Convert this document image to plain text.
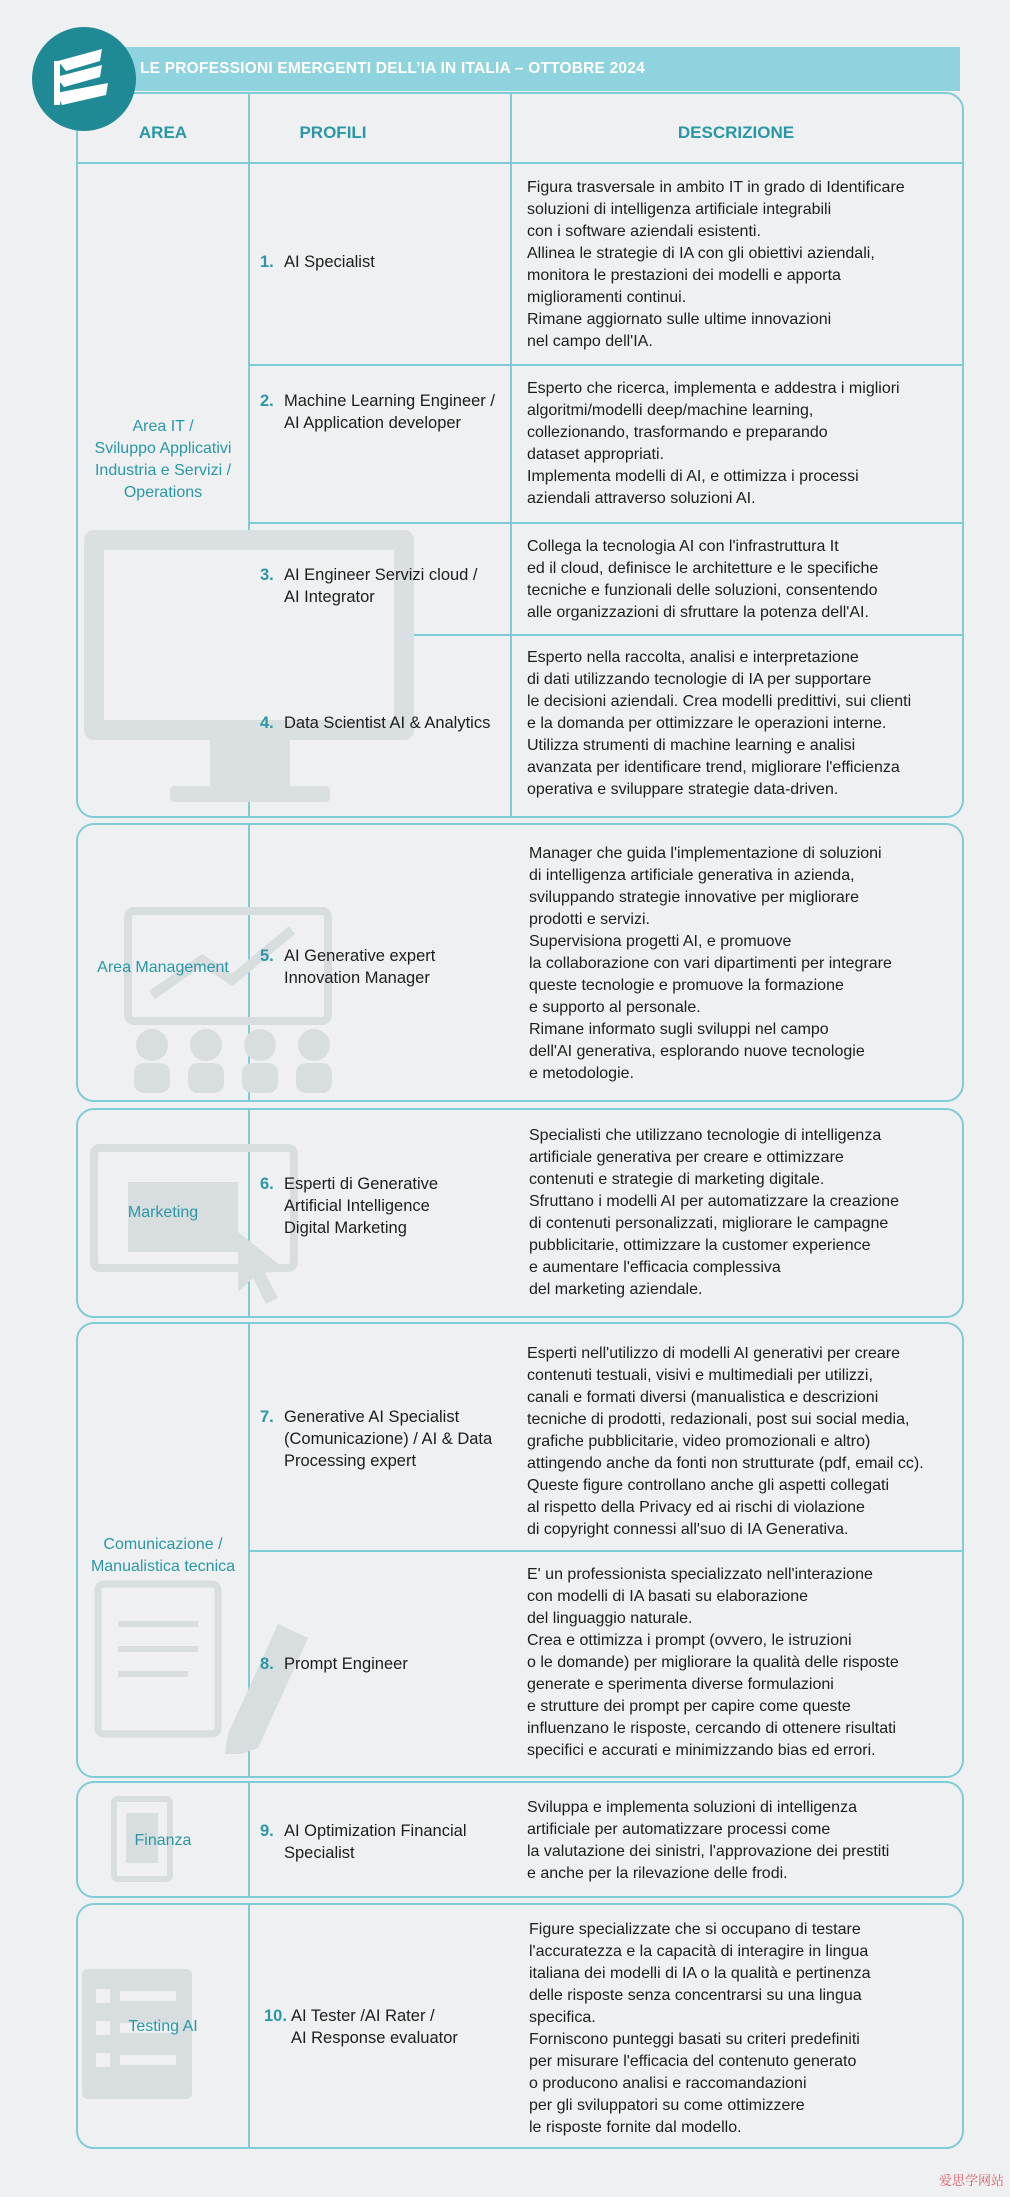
LE PROFESSIONI EMERGENTI DELL’IA IN ITALIA – OTTOBRE 2024
AREA	PROFILI	DESCRIZIONE
Area IT /
Sviluppo Applicativi
Industria e Servizi /
Operations
1. AI Specialist
Figura trasversale in ambito IT in grado di Identificare
soluzioni di intelligenza artificiale integrabili
con i software aziendali esistenti.
Allinea le strategie di IA con gli obiettivi aziendali,
monitora le prestazioni dei modelli e apporta
miglioramenti continui.
Rimane aggiornato sulle ultime innovazioni
nel campo dell'IA.
2. Machine Learning Engineer /
AI Application developer
Esperto che ricerca, implementa e addestra i migliori
algoritmi/modelli deep/machine learning,
collezionando, trasformando e preparando
dataset appropriati.
Implementa modelli di AI, e ottimizza i processi
aziendali attraverso soluzioni AI.
3. AI Engineer Servizi cloud /
AI Integrator
Collega la tecnologia AI con l'infrastruttura It
ed il cloud, definisce le architetture e le specifiche
tecniche e funzionali delle soluzioni, consentendo
alle organizzazioni di sfruttare la potenza dell'AI.
4. Data Scientist AI & Analytics
Esperto nella raccolta, analisi e interpretazione
di dati utilizzando tecnologie di IA per supportare
le decisioni aziendali. Crea modelli predittivi, sui clienti
e la domanda per ottimizzare le operazioni interne.
Utilizza strumenti di machine learning e analisi
avanzata per identificare trend, migliorare l'efficienza
operativa e sviluppare strategie data-driven.
Area Management
5. AI Generative expert
Innovation Manager
Manager che guida l'implementazione di soluzioni
di intelligenza artificiale generativa in azienda,
sviluppando strategie innovative per migliorare
prodotti e servizi.
Supervisiona progetti AI, e promuove
la collaborazione con vari dipartimenti per integrare
queste tecnologie e promuove la formazione
e supporto al personale.
Rimane informato sugli sviluppi nel campo
dell'AI generativa, esplorando nuove tecnologie
e metodologie.
Marketing
6. Esperti di Generative
Artificial Intelligence
Digital Marketing
Specialisti che utilizzano tecnologie di intelligenza
artificiale generativa per creare e ottimizzare
contenuti e strategie di marketing digitale.
Sfruttano i modelli AI per automatizzare la creazione
di contenuti personalizzati, migliorare le campagne
pubblicitarie, ottimizzare la customer experience
e aumentare l'efficacia complessiva
del marketing aziendale.
Comunicazione /
Manualistica tecnica
7. Generative AI Specialist
(Comunicazione) / AI & Data
Processing expert
Esperti nell'utilizzo di modelli AI generativi per creare
contenuti testuali, visivi e multimediali per utilizzi,
canali e formati diversi (manualistica e descrizioni
tecniche di prodotti, redazionali, post sui social media,
grafiche pubblicitarie, video promozionali e altro)
attingendo anche da fonti non strutturate (pdf, email cc).
Queste figure controllano anche gli aspetti collegati
al rispetto della Privacy ed ai rischi di violazione
di copyright connessi all'suo di IA Generativa.
8. Prompt Engineer
E' un professionista specializzato nell'interazione
con modelli di IA basati su elaborazione
del linguaggio naturale.
Crea e ottimizza i prompt (ovvero, le istruzioni
o le domande) per migliorare la qualità delle risposte
generate e sperimenta diverse formulazioni
e strutture dei prompt per capire come queste
influenzano le risposte, cercando di ottenere risultati
specifici e accurati e minimizzando bias ed errori.
Finanza
9. AI Optimization Financial
Specialist
Sviluppa e implementa soluzioni di intelligenza
artificiale per automatizzare processi come
la valutazione dei sinistri, l'approvazione dei prestiti
e anche per la rilevazione delle frodi.
Testing AI
10. AI Tester /AI Rater /
AI Response evaluator
Figure specializzate che si occupano di testare
l'accuratezza e la capacità di interagire in lingua
italiana dei modelli di IA o la qualità e pertinenza
delle risposte senza concentrarsi su una lingua
specifica.
Forniscono punteggi basati su criteri predefiniti
per misurare l'efficacia del contenuto generato
o producono analisi e raccomandazioni
per gli sviluppatori su come ottimizzere
le risposte fornite dal modello.
爱思学网站
